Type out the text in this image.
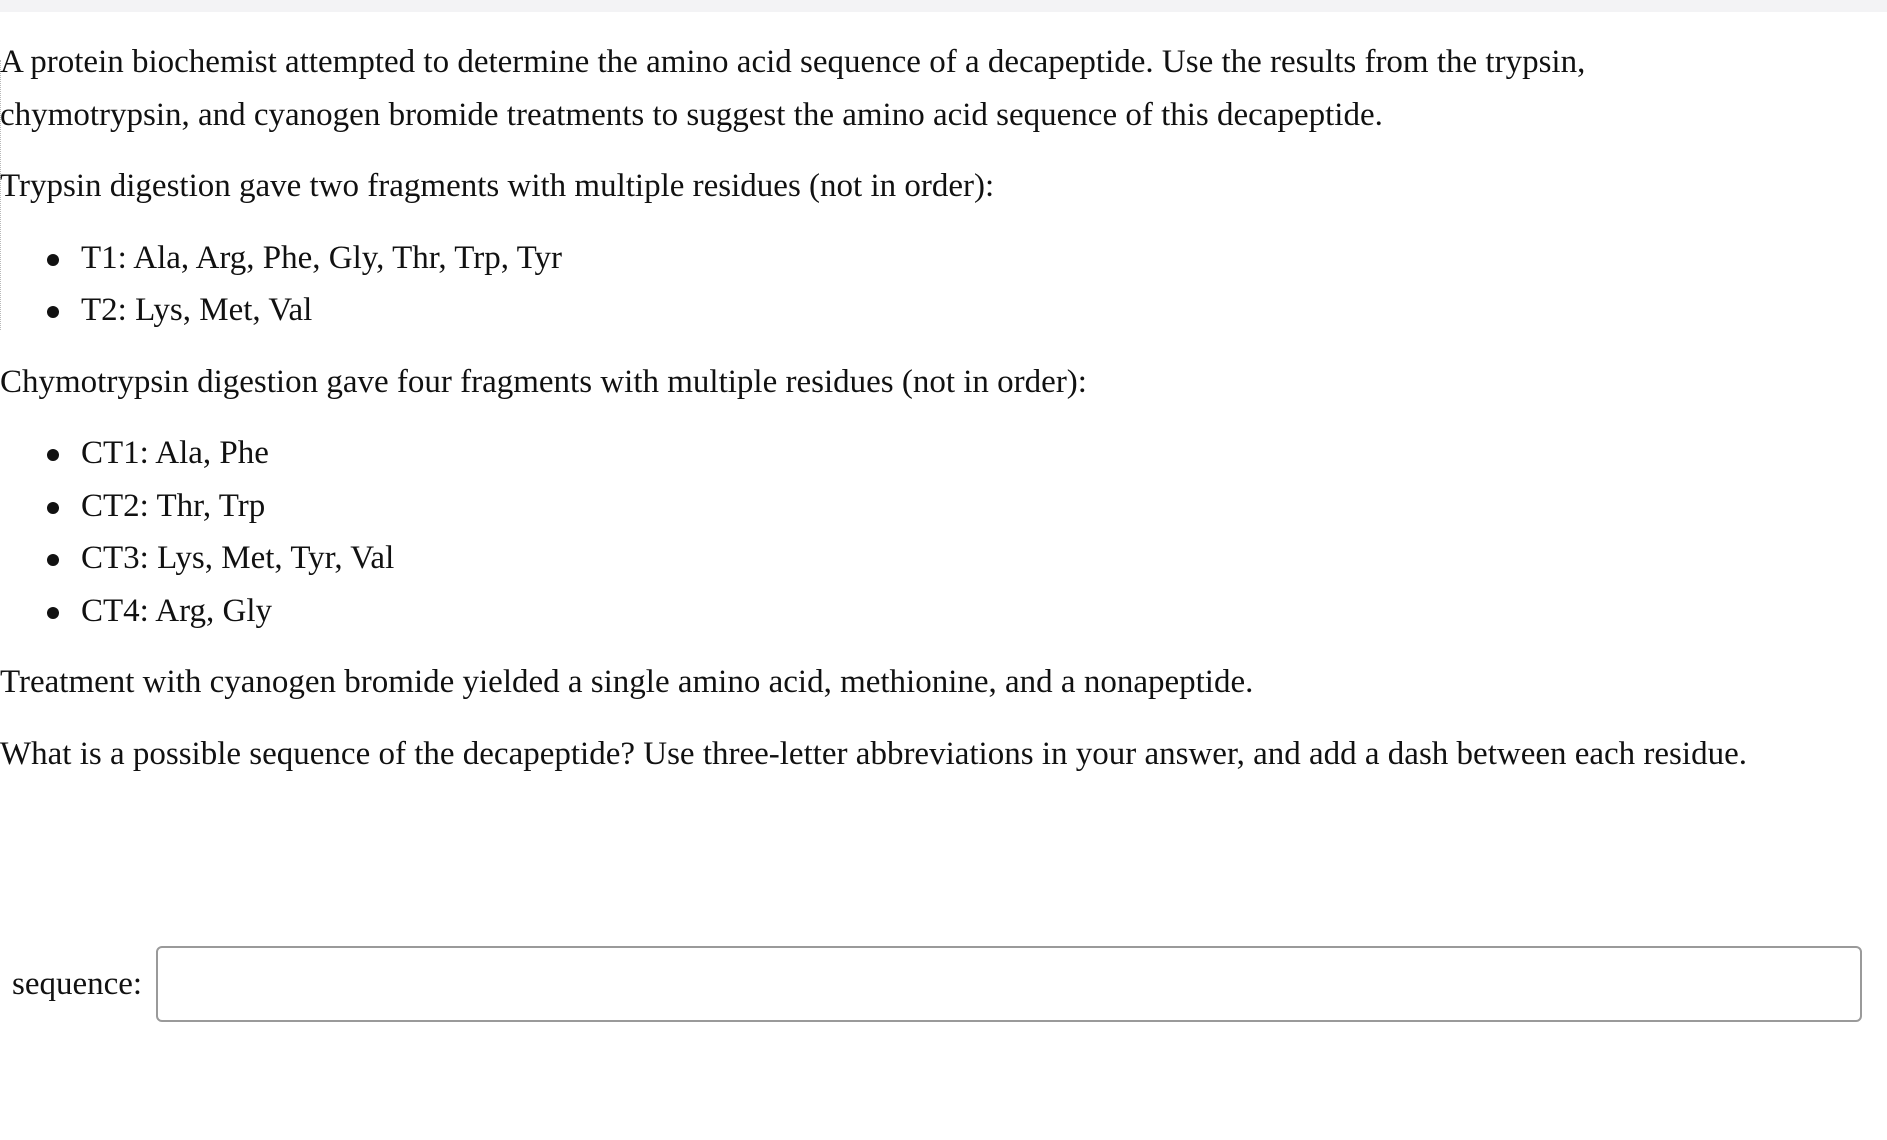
A protein biochemist attempted to determine the amino acid sequence of a decapeptide. Use the results from the trypsin, chymotrypsin, and cyanogen bromide treatments to suggest the amino acid sequence of this decapeptide.

Trypsin digestion gave two fragments with multiple residues (not in order):

T1: Ala, Arg, Phe, Gly, Thr, Trp, Tyr
T2: Lys, Met, Val

Chymotrypsin digestion gave four fragments with multiple residues (not in order):

CT1: Ala, Phe
CT2: Thr, Trp
CT3: Lys, Met, Tyr, Val
CT4: Arg, Gly

Treatment with cyanogen bromide yielded a single amino acid, methionine, and a nonapeptide.

What is a possible sequence of the decapeptide? Use three-letter abbreviations in your answer, and add a dash between each residue.

sequence:
